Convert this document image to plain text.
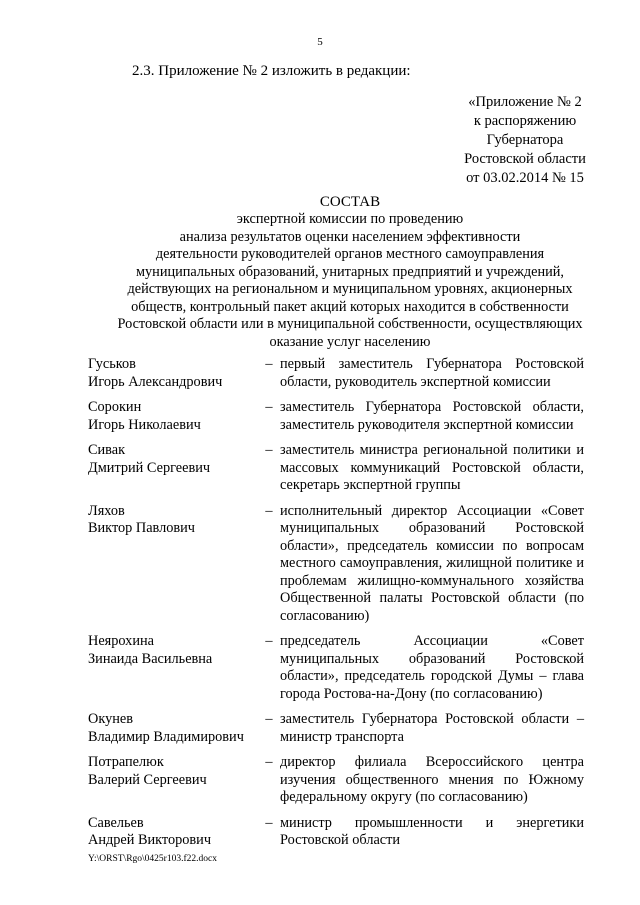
5
2.3. Приложение № 2 изложить в редакции:
«Приложение № 2
к распоряжению
Губернатора
Ростовской области
от 03.02.2014 № 15
СОСТАВ
экспертной комиссии по проведению
анализа результатов оценки населением эффективности
деятельности руководителей органов местного самоуправления
муниципальных образований, унитарных предприятий и учреждений,
действующих на региональном и муниципальном уровнях, акционерных
обществ, контрольный пакет акций которых находится в собственности
Ростовской области или в муниципальной собственности, осуществляющих
оказание услуг населению
Гуськов
Игорь Александрович
– первый заместитель Губернатора Ростовской области, руководитель экспертной комиссии
Сорокин
Игорь Николаевич
– заместитель Губернатора Ростовской области, заместитель руководителя экспертной комиссии
Сивак
Дмитрий Сергеевич
– заместитель министра региональной политики и массовых коммуникаций Ростовской области, секретарь экспертной группы
Ляхов
Виктор Павлович
– исполнительный директор Ассоциации «Совет муниципальных образований Ростовской области», председатель комиссии по вопросам местного самоуправления, жилищной политике и проблемам жилищно-коммунального хозяйства Общественной палаты Ростовской области (по согласованию)
Неярохина
Зинаида Васильевна
– председатель Ассоциации «Совет муниципальных образований Ростовской области», председатель городской Думы – глава города Ростова-на-Дону (по согласованию)
Окунев
Владимир Владимирович
– заместитель Губернатора Ростовской области – министр транспорта
Потрапелюк
Валерий Сергеевич
– директор филиала Всероссийского центра изучения общественного мнения по Южному федеральному округу (по согласованию)
Савельев
Андрей Викторович
– министр промышленности и энергетики Ростовской области
Y:\ORST\Rgo\0425r103.f22.docx
